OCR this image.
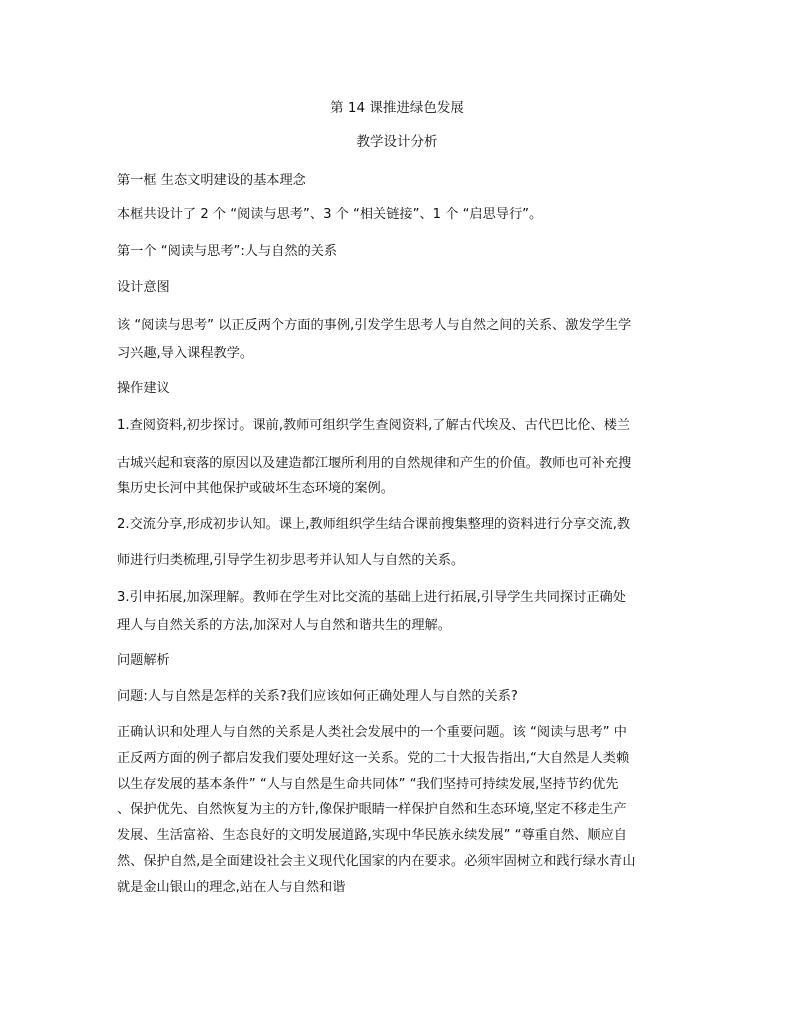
第 14 课推进绿色发展
教学设计分析
第一框 生态文明建设的基本理念
本框共设计了 2 个 “阅读与思考”、3 个 “相关链接”、1 个 “启思导行”。
第一个 “阅读与思考”:人与自然的关系
设计意图
该 “阅读与思考” 以正反两个方面的事例,引发学生思考人与自然之间的关系、激发学生学
习兴趣,导入课程教学。
操作建议
1.查阅资料,初步探讨。课前,教师可组织学生查阅资料,了解古代埃及、古代巴比伦、楼兰
古城兴起和衰落的原因以及建造都江堰所利用的自然规律和产生的价值。教师也可补充搜
集历史长河中其他保护或破坏生态环境的案例。
2.交流分享,形成初步认知。课上,教师组织学生结合课前搜集整理的资料进行分享交流,教
师进行归类梳理,引导学生初步思考并认知人与自然的关系。
3.引申拓展,加深理解。教师在学生对比交流的基础上进行拓展,引导学生共同探讨正确处
理人与自然关系的方法,加深对人与自然和谐共生的理解。
问题解析
问题:人与自然是怎样的关系?我们应该如何正确处理人与自然的关系?
正确认识和处理人与自然的关系是人类社会发展中的一个重要问题。该 “阅读与思考” 中
正反两方面的例子都启发我们要处理好这一关系。党的二十大报告指出,“大自然是人类赖
以生存发展的基本条件” “人与自然是生命共同体” “我们坚持可持续发展,坚持节约优先
、保护优先、自然恢复为主的方针,像保护眼睛一样保护自然和生态环境,坚定不移走生产
发展、生活富裕、生态良好的文明发展道路,实现中华民族永续发展” “尊重自然、顺应自
然、保护自然,是全面建设社会主义现代化国家的内在要求。必须牢固树立和践行绿水青山
就是金山银山的理念,站在人与自然和谐
